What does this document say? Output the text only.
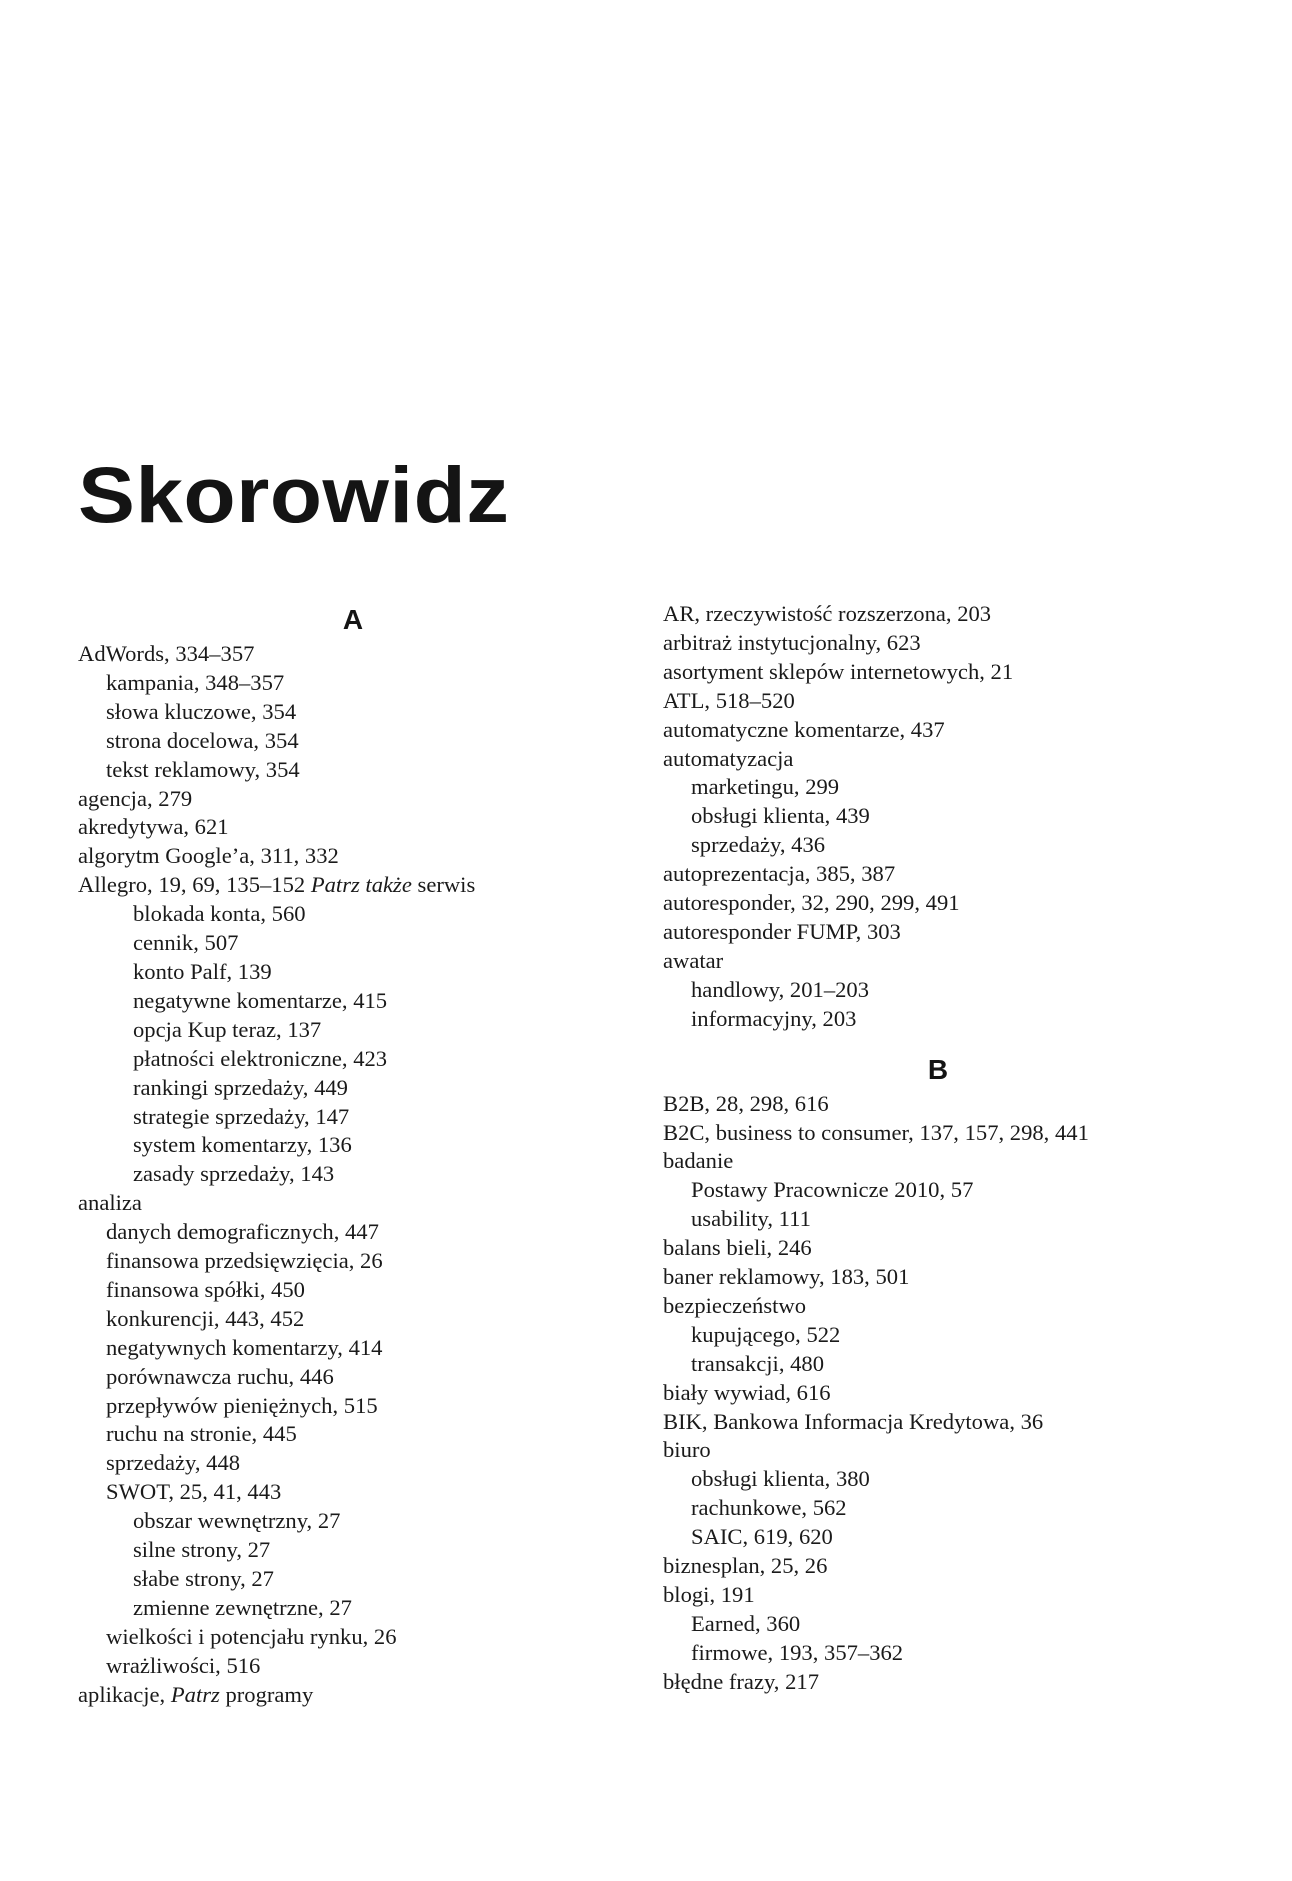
Skorowidz
A
AdWords, 334–357
kampania, 348–357
słowa kluczowe, 354
strona docelowa, 354
tekst reklamowy, 354
agencja, 279
akredytywa, 621
algorytm Google’a, 311, 332
Allegro, 19, 69, 135–152 Patrz także serwis
blokada konta, 560
cennik, 507
konto Palf, 139
negatywne komentarze, 415
opcja Kup teraz, 137
płatności elektroniczne, 423
rankingi sprzedaży, 449
strategie sprzedaży, 147
system komentarzy, 136
zasady sprzedaży, 143
analiza
danych demograficznych, 447
finansowa przedsięwzięcia, 26
finansowa spółki, 450
konkurencji, 443, 452
negatywnych komentarzy, 414
porównawcza ruchu, 446
przepływów pieniężnych, 515
ruchu na stronie, 445
sprzedaży, 448
SWOT, 25, 41, 443
obszar wewnętrzny, 27
silne strony, 27
słabe strony, 27
zmienne zewnętrzne, 27
wielkości i potencjału rynku, 26
wrażliwości, 516
aplikacje, Patrz programy
AR, rzeczywistość rozszerzona, 203
arbitraż instytucjonalny, 623
asortyment sklepów internetowych, 21
ATL, 518–520
automatyczne komentarze, 437
automatyzacja
marketingu, 299
obsługi klienta, 439
sprzedaży, 436
autoprezentacja, 385, 387
autoresponder, 32, 290, 299, 491
autoresponder FUMP, 303
awatar
handlowy, 201–203
informacyjny, 203
B
B2B, 28, 298, 616
B2C, business to consumer, 137, 157, 298, 441
badanie
Postawy Pracownicze 2010, 57
usability, 111
balans bieli, 246
baner reklamowy, 183, 501
bezpieczeństwo
kupującego, 522
transakcji, 480
biały wywiad, 616
BIK, Bankowa Informacja Kredytowa, 36
biuro
obsługi klienta, 380
rachunkowe, 562
SAIC, 619, 620
biznesplan, 25, 26
blogi, 191
Earned, 360
firmowe, 193, 357–362
błędne frazy, 217
